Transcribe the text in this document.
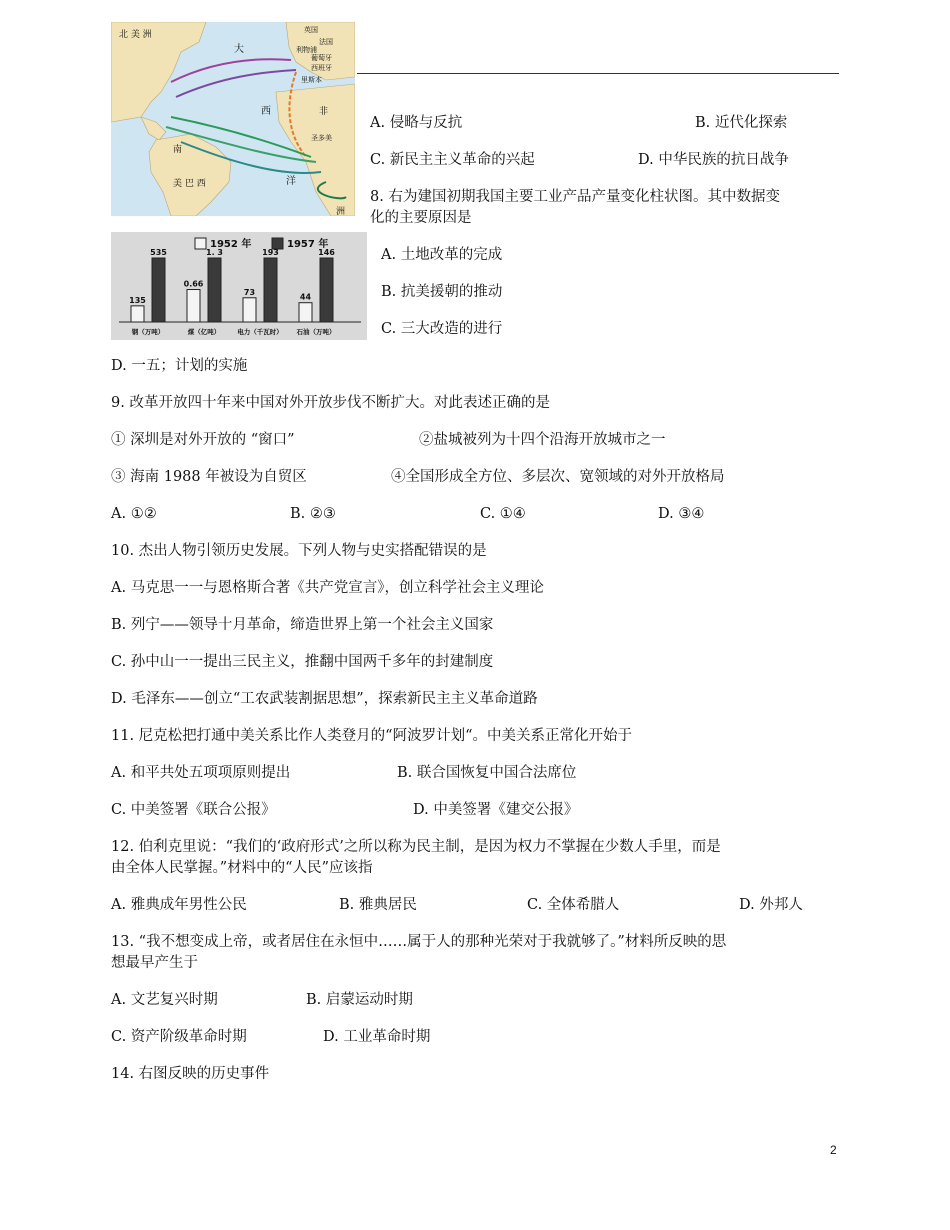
北 美 洲
大
西
洋
南
美 巴 西
非
洲
法国
英国
葡萄牙
西班牙
里斯本
圣多美
利物浦
A. 侵略与反抗	B. 近代化探索
C. 新民主主义革命的兴起	D. 中华民族的抗日战争
8. 右为建国初期我国主要工业产品产量变化柱状图。其中数据变
化的主要原因是
1952 年	1957 年
135
535
钢（万吨）
0.66
1. 3
煤（亿吨）
73
193
电力（千瓦时）
44
146
石油（万吨）
A. 土地改革的完成
B. 抗美援朝的推动
C. 三大改造的进行
D. 一五；计划的实施
9. 改革开放四十年来中国对外开放步伐不断扩大。对此表述正确的是
① 深圳是对外开放的 “窗口”	②盐城被列为十四个沿海开放城市之一
③ 海南 1988 年被设为自贸区	④全国形成全方位、多层次、宽领域的对外开放格局
A. ①②	B. ②③	C. ①④	D. ③④
10. 杰出人物引领历史发展。下列人物与史实搭配错误的是
A. 马克思一一与恩格斯合著《共产党宣言》，创立科学社会主义理论
B. 列宁——领导十月革命，缔造世界上第一个社会主义国家
C. 孙中山一一提出三民主义，推翻中国两千多年的封建制度
D. 毛泽东——创立“工农武装割据思想”，探索新民主主义革命道路
11. 尼克松把打通中美关系比作人类登月的“阿波罗计划“。中美关系正常化开始于
A. 和平共处五项项原则提出	B. 联合国恢复中国合法席位
C. 中美签署《联合公报》	D. 中美签署《建交公报》
12. 伯利克里说：“我们的‘政府形式’之所以称为民主制，是因为权力不掌握在少数人手里，而是
由全体人民掌握。”材料中的“人民”应该指
A. 雅典成年男性公民	B. 雅典居民	C. 全体希腊人	D. 外邦人
13. “我不想变成上帝，或者居住在永恒中……属于人的那种光荣对于我就够了。”材料所反映的思
想最早产生于
A. 文艺复兴时期	B. 启蒙运动时期
C. 资产阶级革命时期	D. 工业革命时期
14. 右图反映的历史事件
2
